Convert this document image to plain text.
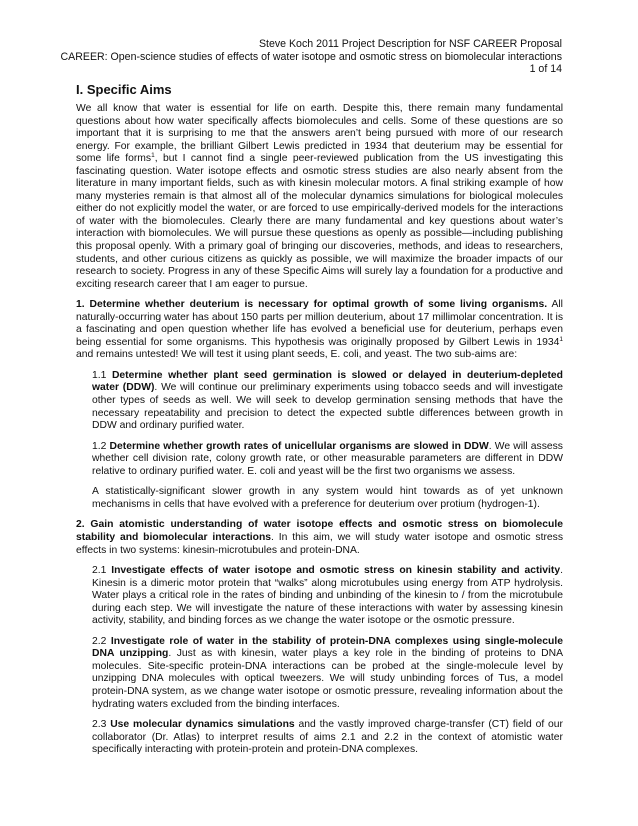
Steve Koch 2011 Project Description for NSF CAREER Proposal
CAREER: Open-science studies of effects of water isotope and osmotic stress on biomolecular interactions
1 of 14
I. Specific Aims

We all know that water is essential for life on earth. Despite this, there remain many fundamental questions about how water specifically affects biomolecules and cells. Some of these questions are so important that it is surprising to me that the answers aren’t being pursued with more of our research energy. For example, the brilliant Gilbert Lewis predicted in 1934 that deuterium may be essential for some life forms$^1$, but I cannot find a single peer-reviewed publication from the US investigating this fascinating question. Water isotope effects and osmotic stress studies are also nearly absent from the literature in many important fields, such as with kinesin molecular motors. A final striking example of how many mysteries remain is that almost all of the molecular dynamics simulations for biological molecules either do not explicitly model the water, or are forced to use empirically-derived models for the interactions of water with the biomolecules. Clearly there are many fundamental and key questions about water’s interaction with biomolecules. We will pursue these questions as openly as possible—including publishing this proposal openly. With a primary goal of bringing our discoveries, methods, and ideas to researchers, students, and other curious citizens as quickly as possible, we will maximize the broader impacts of our research to society. Progress in any of these Specific Aims will surely lay a foundation for a productive and exciting research career that I am eager to pursue.

1. Determine whether deuterium is necessary for optimal growth of some living organisms. All naturally-occurring water has about 150 parts per million deuterium, about 17 millimolar concentration. It is a fascinating and open question whether life has evolved a beneficial use for deuterium, perhaps even being essential for some organisms. This hypothesis was originally proposed by Gilbert Lewis in 1934$^1$ and remains untested! We will test it using plant seeds, E. coli, and yeast. The two sub-aims are:

1.1 Determine whether plant seed germination is slowed or delayed in deuterium-depleted water (DDW). We will continue our preliminary experiments using tobacco seeds and will investigate other types of seeds as well. We will seek to develop germination sensing methods that have the necessary repeatability and precision to detect the expected subtle differences between growth in DDW and ordinary purified water.

1.2 Determine whether growth rates of unicellular organisms are slowed in DDW. We will assess whether cell division rate, colony growth rate, or other measurable parameters are different in DDW relative to ordinary purified water. E. coli and yeast will be the first two organisms we assess.

A statistically-significant slower growth in any system would hint towards as of yet unknown mechanisms in cells that have evolved with a preference for deuterium over protium (hydrogen-1).

2. Gain atomistic understanding of water isotope effects and osmotic stress on biomolecule stability and biomolecular interactions. In this aim, we will study water isotope and osmotic stress effects in two systems: kinesin-microtubules and protein-DNA.

2.1 Investigate effects of water isotope and osmotic stress on kinesin stability and activity. Kinesin is a dimeric motor protein that “walks” along microtubules using energy from ATP hydrolysis. Water plays a critical role in the rates of binding and unbinding of the kinesin to / from the microtubule during each step. We will investigate the nature of these interactions with water by assessing kinesin activity, stability, and binding forces as we change the water isotope or the osmotic pressure.

2.2 Investigate role of water in the stability of protein-DNA complexes using single-molecule DNA unzipping. Just as with kinesin, water plays a key role in the binding of proteins to DNA molecules. Site-specific protein-DNA interactions can be probed at the single-molecule level by unzipping DNA molecules with optical tweezers. We will study unbinding forces of Tus, a model protein-DNA system, as we change water isotope or osmotic pressure, revealing information about the hydrating waters excluded from the binding interfaces.

2.3 Use molecular dynamics simulations and the vastly improved charge-transfer (CT) field of our collaborator (Dr. Atlas) to interpret results of aims 2.1 and 2.2 in the context of atomistic water specifically interacting with protein-protein and protein-DNA complexes.
